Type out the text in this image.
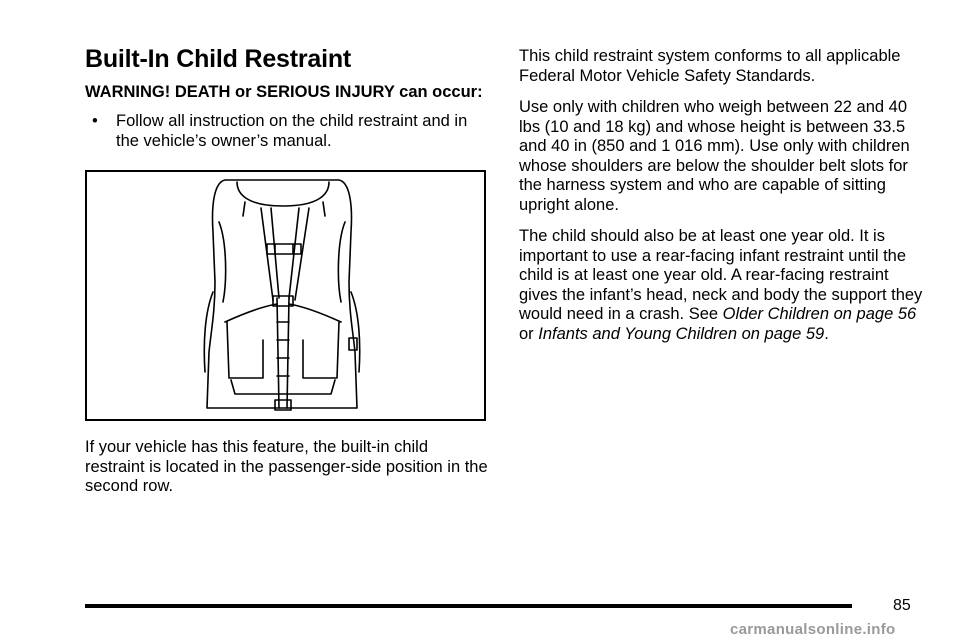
Built-In Child Restraint

WARNING! DEATH or SERIOUS INJURY can occur:

• Follow all instruction on the child restraint and in the vehicle’s owner’s manual.

If your vehicle has this feature, the built-in child restraint is located in the passenger-side position in the second row.

This child restraint system conforms to all applicable Federal Motor Vehicle Safety Standards.

Use only with children who weigh between 22 and 40 lbs (10 and 18 kg) and whose height is between 33.5 and 40 in (850 and 1 016 mm). Use only with children whose shoulders are below the shoulder belt slots for the harness system and who are capable of sitting upright alone.

The child should also be at least one year old. It is important to use a rear-facing infant restraint until the child is at least one year old. A rear-facing restraint gives the infant’s head, neck and body the support they would need in a crash. See Older Children on page 56 or Infants and Young Children on page 59.

85
carmanualsonline.info
